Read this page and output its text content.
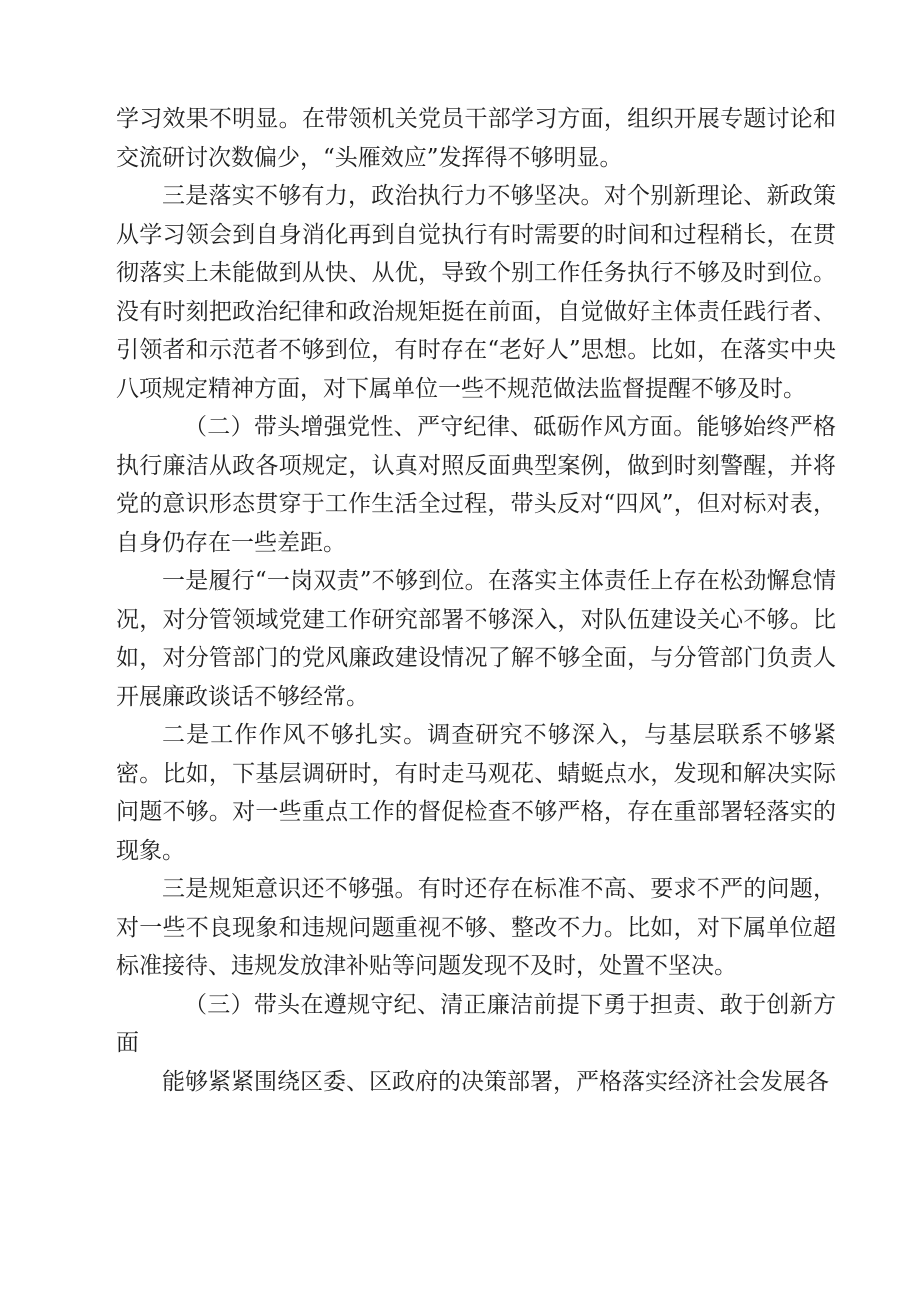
学习效果不明显。在带领机关党员干部学习方面，组织开展专题讨论和交流研讨次数偏少，“头雁效应”发挥得不够明显。

三是落实不够有力，政治执行力不够坚决。对个别新理论、新政策从学习领会到自身消化再到自觉执行有时需要的时间和过程稍长，在贯彻落实上未能做到从快、从优，导致个别工作任务执行不够及时到位。没有时刻把政治纪律和政治规矩挺在前面，自觉做好主体责任践行者、引领者和示范者不够到位，有时存在“老好人”思想。比如，在落实中央八项规定精神方面，对下属单位一些不规范做法监督提醒不够及时。

（二）带头增强党性、严守纪律、砥砺作风方面。能够始终严格执行廉洁从政各项规定，认真对照反面典型案例，做到时刻警醒，并将党的意识形态贯穿于工作生活全过程，带头反对“四风”，但对标对表，自身仍存在一些差距。

一是履行“一岗双责”不够到位。在落实主体责任上存在松劲懈怠情况，对分管领域党建工作研究部署不够深入，对队伍建设关心不够。比如，对分管部门的党风廉政建设情况了解不够全面，与分管部门负责人开展廉政谈话不够经常。

二是工作作风不够扎实。调查研究不够深入，与基层联系不够紧密。比如，下基层调研时，有时走马观花、蜻蜓点水，发现和解决实际问题不够。对一些重点工作的督促检查不够严格，存在重部署轻落实的现象。

三是规矩意识还不够强。有时还存在标准不高、要求不严的问题，对一些不良现象和违规问题重视不够、整改不力。比如，对下属单位超标准接待、违规发放津补贴等问题发现不及时，处置不坚决。

（三）带头在遵规守纪、清正廉洁前提下勇于担责、敢于创新方面

能够紧紧围绕区委、区政府的决策部署，严格落实经济社会发展各
